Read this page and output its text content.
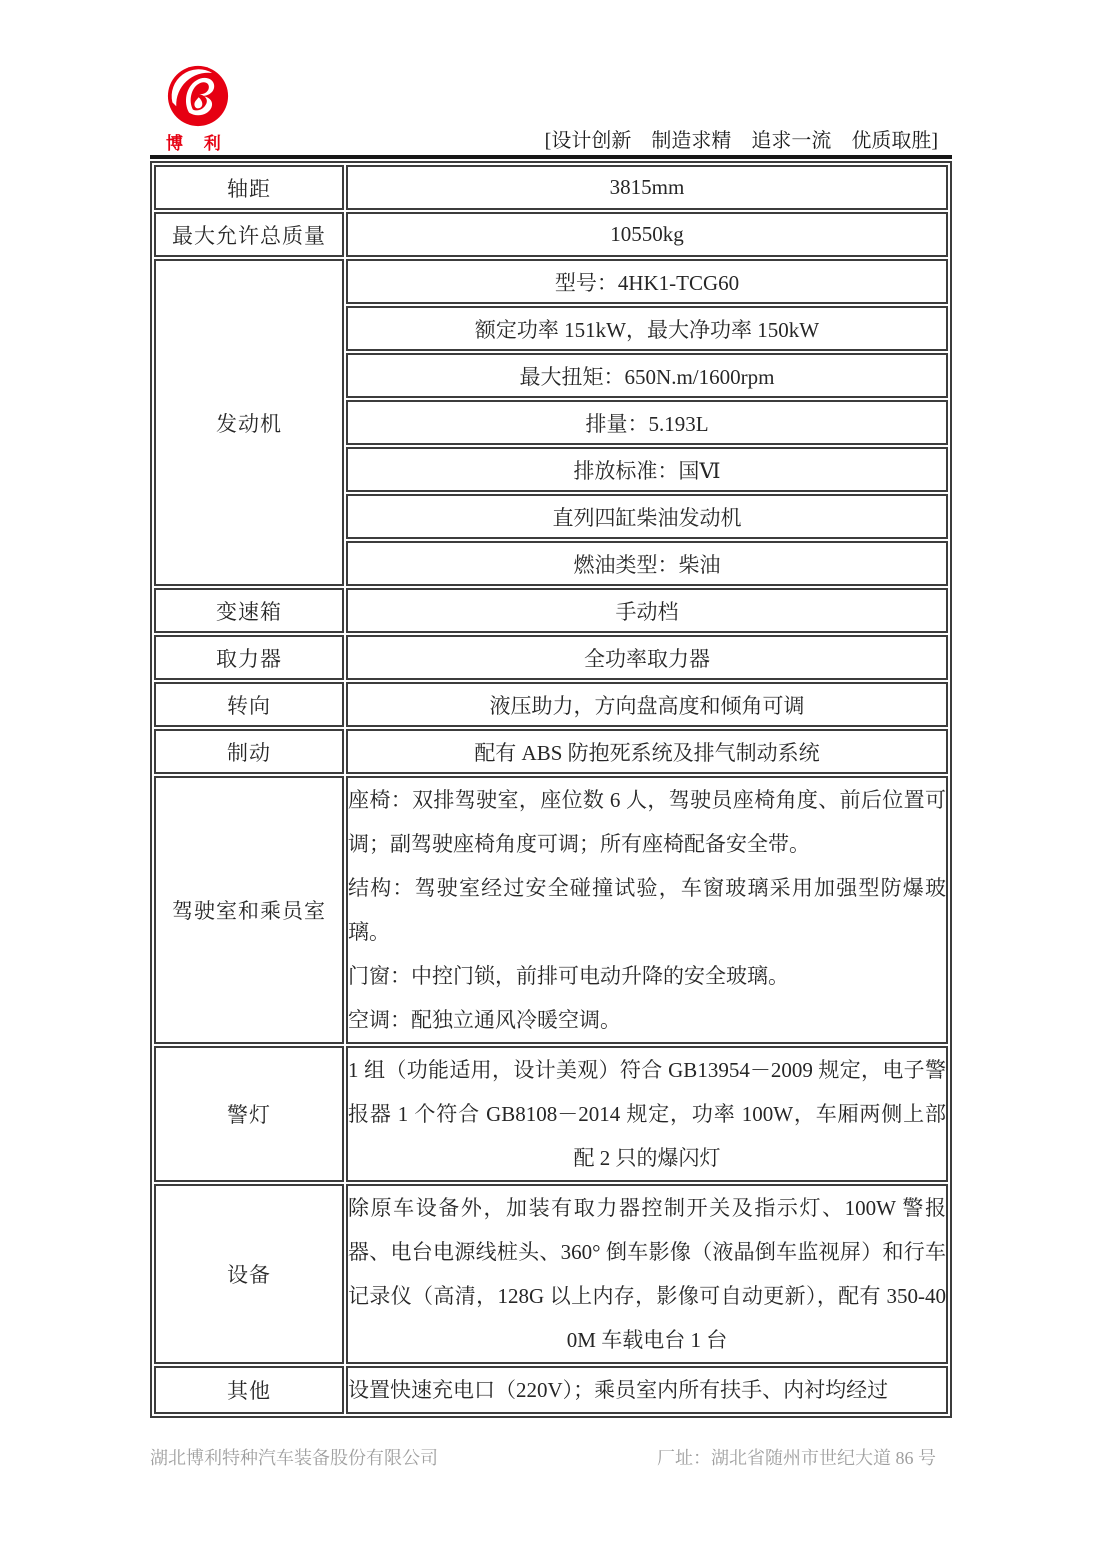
博 利	[设计创新　制造求精　追求一流　优质取胜]
轴距	3815mm
最大允许总质量	10550kg
发动机	型号：4HK1-TCG60
	额定功率 151kW，最大净功率 150kW
	最大扭矩：650N.m/1600rpm
	排量：5.193L
	排放标准：国Ⅵ
	直列四缸柴油发动机
	燃油类型：柴油
变速箱	手动档
取力器	全功率取力器
转向	液压助力，方向盘高度和倾角可调
制动	配有 ABS 防抱死系统及排气制动系统
驾驶室和乘员室	座椅：双排驾驶室，座位数 6 人，驾驶员座椅角度、前后位置可调；副驾驶座椅角度可调；所有座椅配备安全带。

结构：驾驶室经过安全碰撞试验，车窗玻璃采用加强型防爆玻璃。

门窗：中控门锁，前排可电动升降的安全玻璃。

空调：配独立通风冷暖空调。

警灯	1 组（功能适用，设计美观）符合 GB13954－2009 规定，电子警报器 1 个符合 GB8108－2014 规定，功率 100W，车厢两侧上部配 2 只的爆闪灯
设备	除原车设备外，加装有取力器控制开关及指示灯、100W 警报器、电台电源线桩头、360° 倒车影像（液晶倒车监视屏）和行车记录仪（高清，128G 以上内存，影像可自动更新），配有 350-400M 车载电台 1 台
其他	设置快速充电口（220V）；乘员室内所有扶手、内衬均经过
湖北博利特种汽车装备股份有限公司	厂址：湖北省随州市世纪大道 86 号
